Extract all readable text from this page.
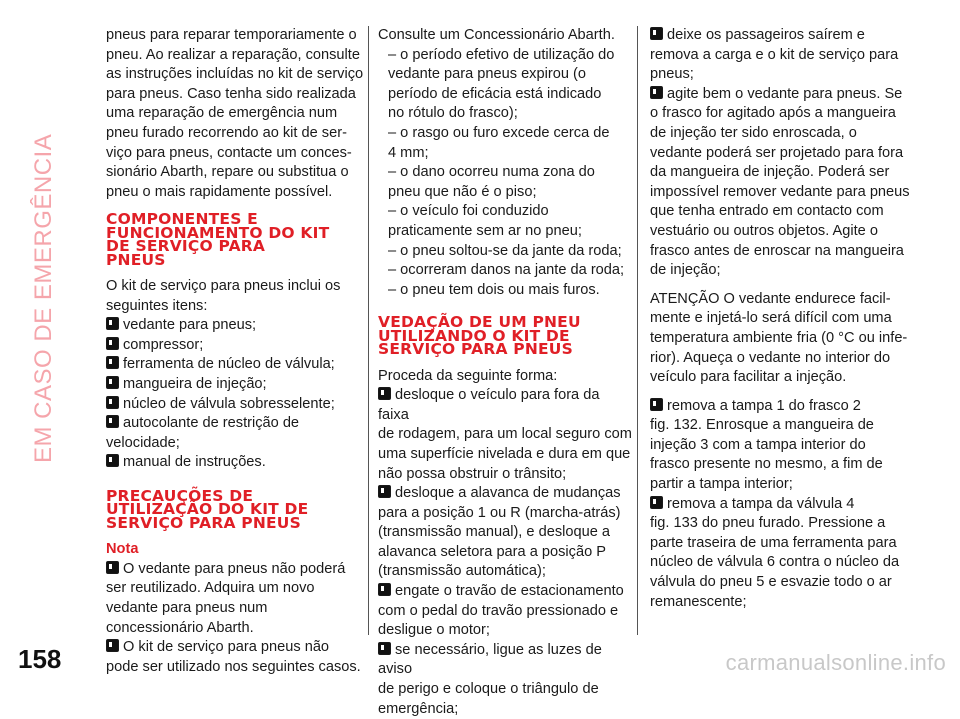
EM CASO DE EMERGÊNCIA

pneus para reparar temporariamente o

pneu. Ao realizar a reparação, consulte

as instruções incluídas no kit de serviço

para pneus. Caso tenha sido realizada

uma reparação de emergência num

pneu furado recorrendo ao kit de ser-

viço para pneus, contacte um conces-

sionário Abarth, repare ou substitua o

pneu o mais rapidamente possível.

COMPONENTES E
FUNCIONAMENTO DO KIT
DE SERVIÇO PARA
PNEUS

O kit de serviço para pneus inclui os

seguintes itens:

vedante para pneus;

compressor;

ferramenta de núcleo de válvula;

mangueira de injeção;

núcleo de válvula sobresselente;

autocolante de restrição de

velocidade;

manual de instruções.

PRECAUÇÕES DE
UTILIZAÇÃO DO KIT DE
SERVIÇO PARA PNEUS

Nota

O vedante para pneus não poderá

ser reutilizado. Adquira um novo

vedante para pneus num

concessionário Abarth.

O kit de serviço para pneus não

pode ser utilizado nos seguintes casos.

Consulte um Concessionário Abarth.

– o período efetivo de utilização do

vedante para pneus expirou (o

período de eficácia está indicado

no rótulo do frasco);

– o rasgo ou furo excede cerca de

4 mm;

– o dano ocorreu numa zona do

pneu que não é o piso;

– o veículo foi conduzido

praticamente sem ar no pneu;

– o pneu soltou-se da jante da roda;

– ocorreram danos na jante da roda;

– o pneu tem dois ou mais furos.

VEDAÇÃO DE UM PNEU
UTILIZANDO O KIT DE
SERVIÇO PARA PNEUS

Proceda da seguinte forma:

desloque o veículo para fora da faixa

de rodagem, para um local seguro com

uma superfície nivelada e dura em que

não possa obstruir o trânsito;

desloque a alavanca de mudanças

para a posição 1 ou R (marcha-atrás)

(transmissão manual), e desloque a

alavanca seletora para a posição P

(transmissão automática);

engate o travão de estacionamento

com o pedal do travão pressionado e

desligue o motor;

se necessário, ligue as luzes de aviso

de perigo e coloque o triângulo de

emergência;

deixe os passageiros saírem e

remova a carga e o kit de serviço para

pneus;

agite bem o vedante para pneus. Se

o frasco for agitado após a mangueira

de injeção ter sido enroscada, o

vedante poderá ser projetado para fora

da mangueira de injeção. Poderá ser

impossível remover vedante para pneus

que tenha entrado em contacto com

vestuário ou outros objetos. Agite o

frasco antes de enroscar na mangueira

de injeção;

ATENÇÃO O vedante endurece facil-

mente e injetá-lo será difícil com uma

temperatura ambiente fria (0 °C ou infe-

rior). Aqueça o vedante no interior do

veículo para facilitar a injeção.

remova a tampa 1 do frasco 2

fig. 132. Enrosque a mangueira de

injeção 3 com a tampa interior do

frasco presente no mesmo, a fim de

partir a tampa interior;

remova a tampa da válvula 4

fig. 133 do pneu furado. Pressione a

parte traseira de uma ferramenta para

núcleo de válvula 6 contra o núcleo da

válvula do pneu 5 e esvazie todo o ar

remanescente;

158	carmanualsonline.info
